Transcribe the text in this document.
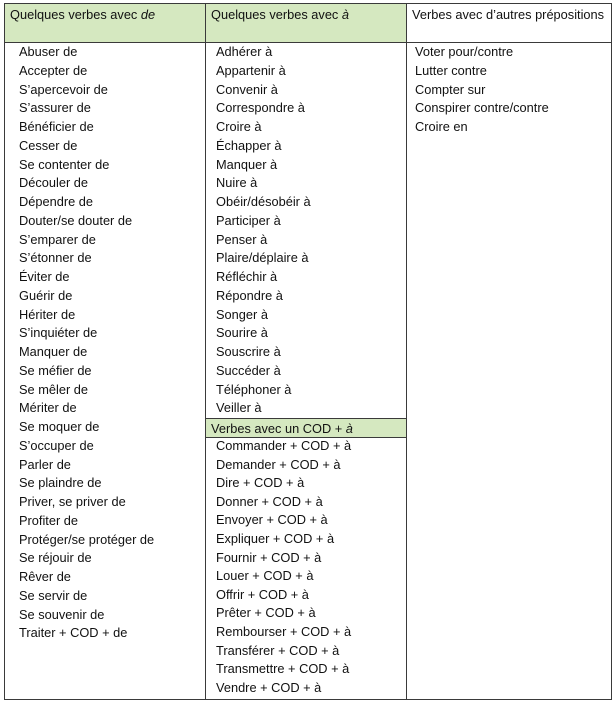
Quelques verbes avec de
Abuser de
Accepter de
S’apercevoir de
S’assurer de
Bénéficier de
Cesser de
Se contenter de
Découler de
Dépendre de
Douter/se douter de
S’emparer de
S’étonner de
Éviter de
Guérir de
Hériter de
S’inquiéter de
Manquer de
Se méfier de
Se mêler de
Mériter de
Se moquer de
S’occuper de
Parler de
Se plaindre de
Priver, se priver de
Profiter de
Protéger/se protéger de
Se réjouir de
Rêver de
Se servir de
Se souvenir de
Traiter + COD + de
Quelques verbes avec à
Adhérer à
Appartenir à
Convenir à
Correspondre à
Croire à
Échapper à
Manquer à
Nuire à
Obéir/désobéir à
Participer à
Penser à
Plaire/déplaire à
Réfléchir à
Répondre à
Songer à
Sourire à
Souscrire à
Succéder à
Téléphoner à
Veiller à
Verbes avec un COD + à
Commander + COD + à
Demander + COD + à
Dire + COD + à
Donner + COD + à
Envoyer + COD + à
Expliquer + COD + à
Fournir + COD + à
Louer + COD + à
Offrir + COD + à
Prêter + COD + à
Rembourser + COD + à
Transférer + COD + à
Transmettre + COD + à
Vendre + COD + à
Verbes avec d’autres prépositions
Voter pour/contre
Lutter contre
Compter sur
Conspirer contre/contre
Croire en
